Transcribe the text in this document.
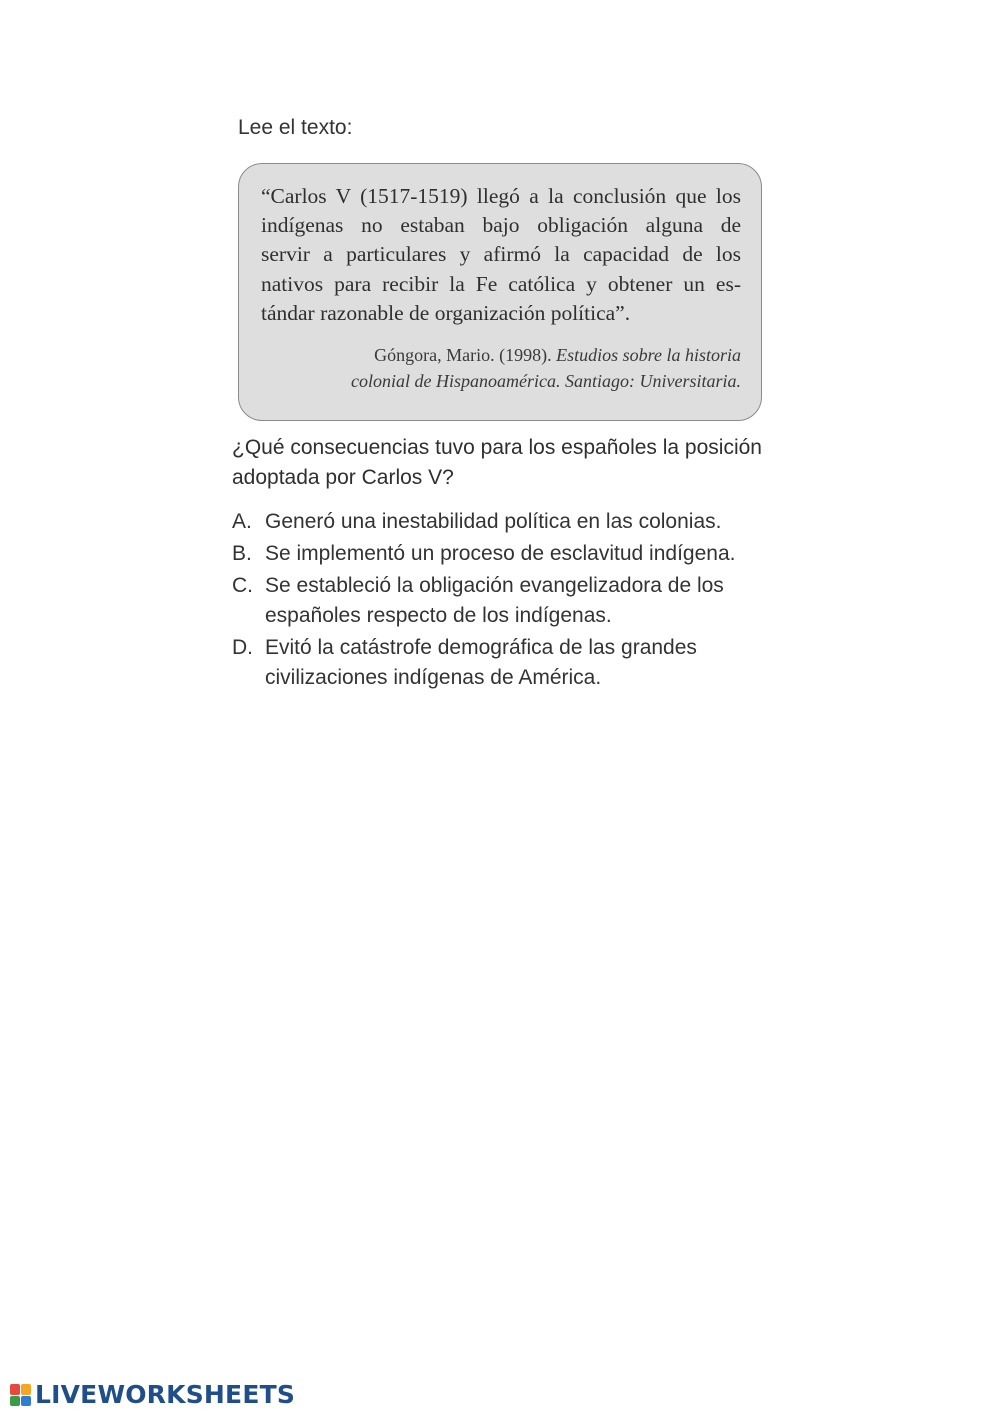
Lee el texto:

“Carlos V (1517-1519) llegó a la conclusión que los
indígenas no estaban bajo obligación alguna de
servir a particulares y afirmó la capacidad de los
nativos para recibir la Fe católica y obtener un es-
tándar razonable de organización política”.

Góngora, Mario. (1998). Estudios sobre la historia
colonial de Hispanoamérica. Santiago: Universitaria.

¿Qué consecuencias tuvo para los españoles la posición adoptada por Carlos V?

A. Generó una inestabilidad política en las colonias.
B. Se implementó un proceso de esclavitud indígena.
C. Se estableció la obligación evangelizadora de los españoles respecto de los indígenas.
D. Evitó la catástrofe demográfica de las grandes civilizaciones indígenas de América.
LIVEWORKSHEETS
